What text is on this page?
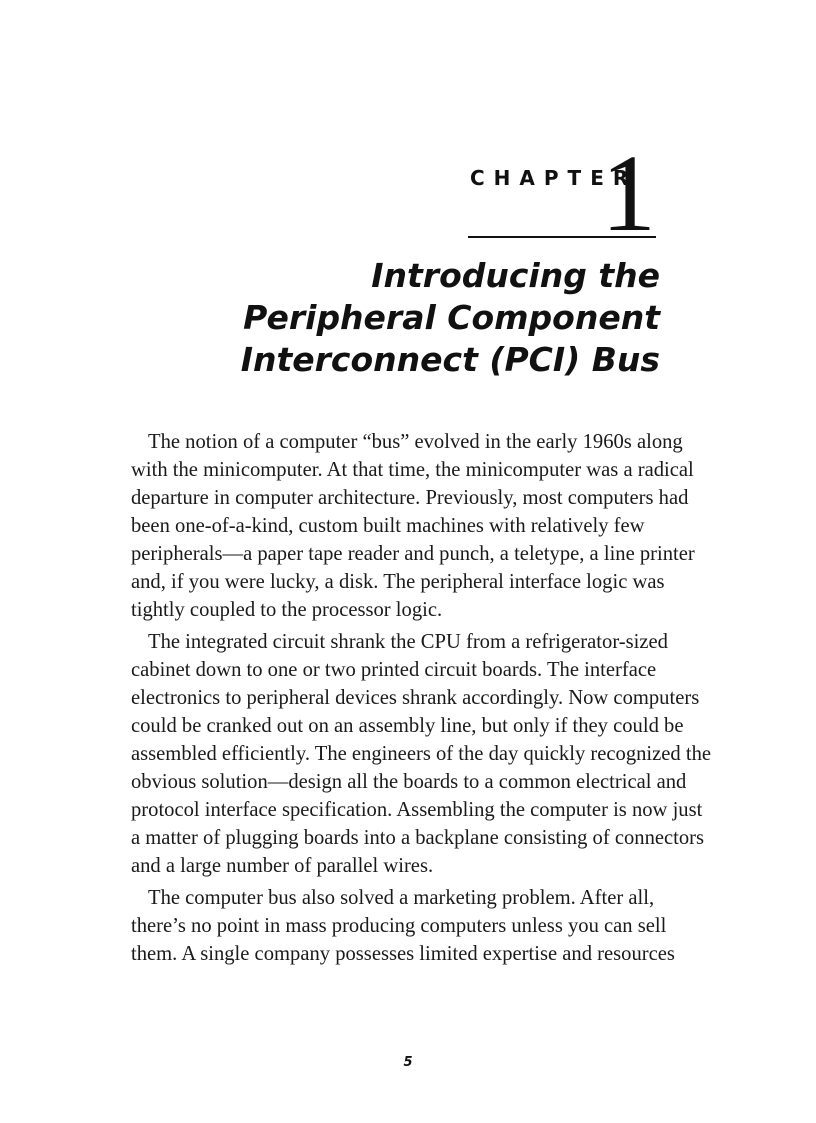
CHAPTER
1
Introducing the
Peripheral Component
Interconnect (PCI) Bus

The notion of a computer “bus” evolved in the early 1960s along
with the minicomputer. At that time, the minicomputer was a radical
departure in computer architecture. Previously, most computers had
been one-of-a-kind, custom built machines with relatively few
peripherals—a paper tape reader and punch, a teletype, a line printer
and, if you were lucky, a disk. The peripheral interface logic was
tightly coupled to the processor logic.

The integrated circuit shrank the CPU from a refrigerator-sized
cabinet down to one or two printed circuit boards. The interface
electronics to peripheral devices shrank accordingly. Now computers
could be cranked out on an assembly line, but only if they could be
assembled efficiently. The engineers of the day quickly recognized the
obvious solution—design all the boards to a common electrical and
protocol interface specification. Assembling the computer is now just
a matter of plugging boards into a backplane consisting of connectors
and a large number of parallel wires.

The computer bus also solved a marketing problem. After all,
there’s no point in mass producing computers unless you can sell
them. A single company possesses limited expertise and resources

5
